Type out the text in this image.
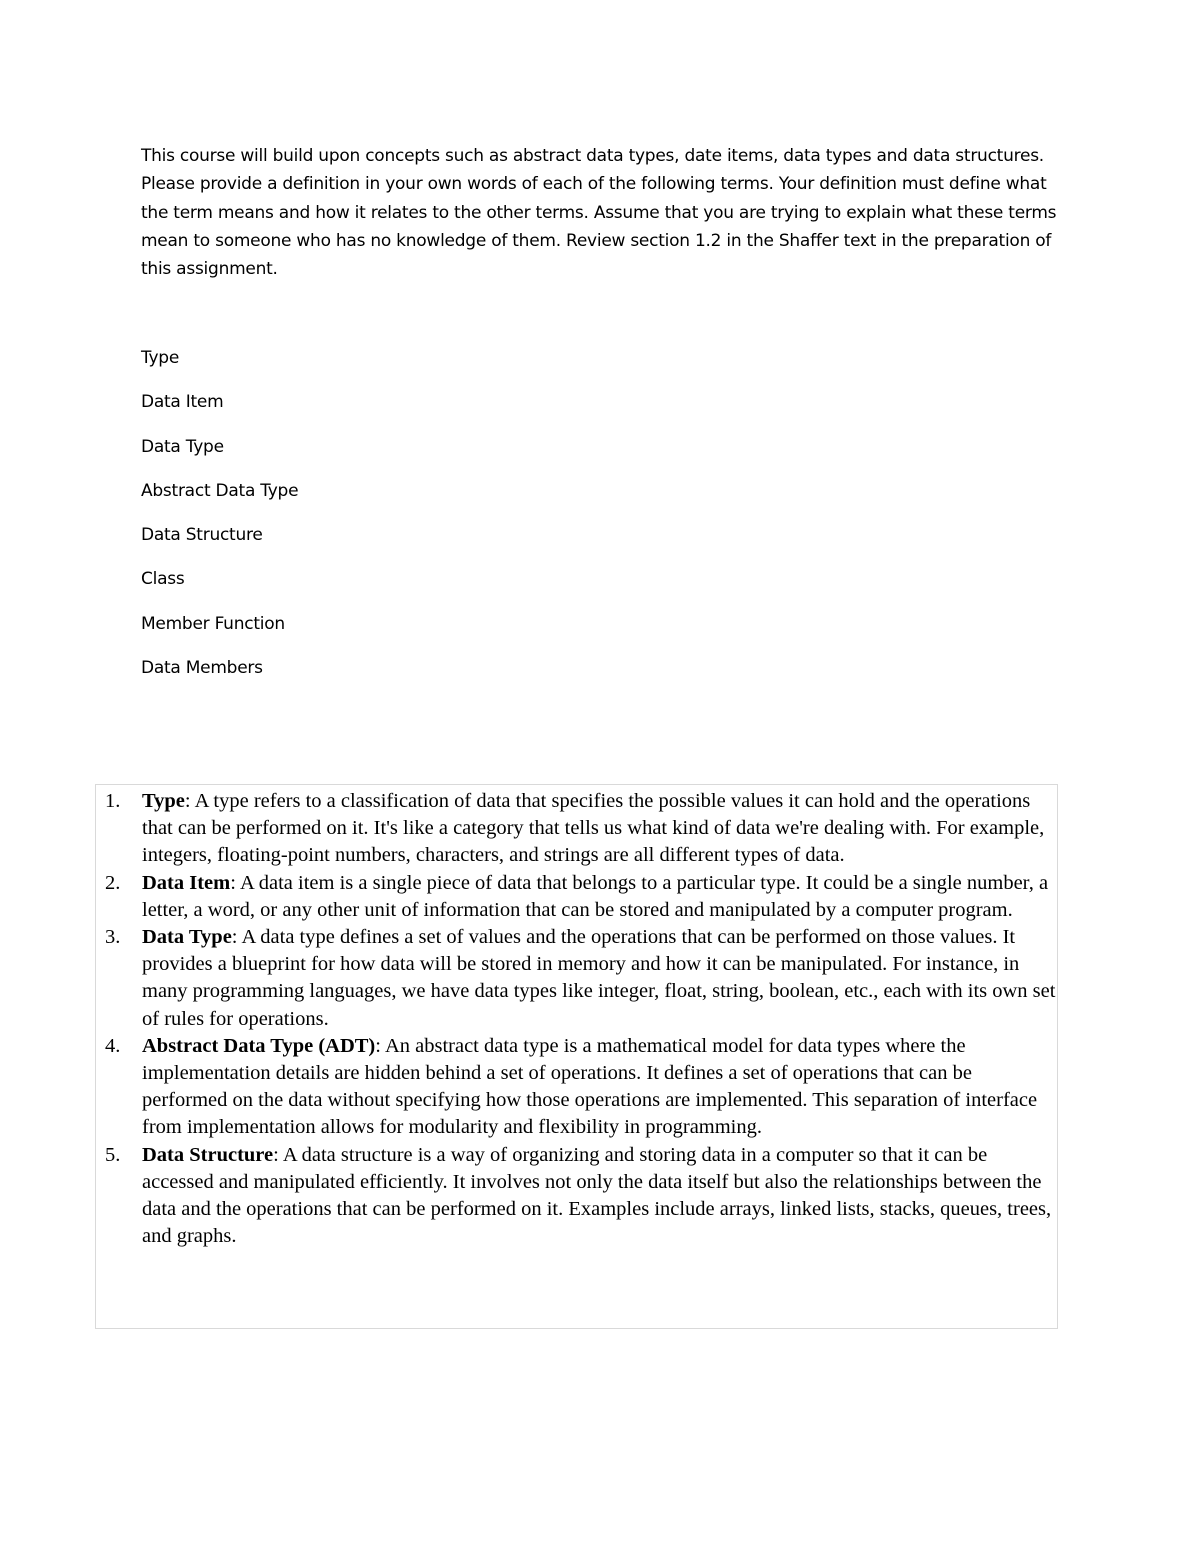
This course will build upon concepts such as abstract data types, date items, data types and data structures. Please provide a definition in your own words of each of the following terms. Your definition must define what the term means and how it relates to the other terms. Assume that you are trying to explain what these terms mean to someone who has no knowledge of them. Review section 1.2 in the Shaffer text in the preparation of this assignment.

Type
Data Item
Data Type
Abstract Data Type
Data Structure
Class
Member Function
Data Members
1. Type: A type refers to a classification of data that specifies the possible values it can hold and the operations that can be performed on it. It's like a category that tells us what kind of data we're dealing with. For example, integers, floating-point numbers, characters, and strings are all different types of data.
2. Data Item: A data item is a single piece of data that belongs to a particular type. It could be a single number, a letter, a word, or any other unit of information that can be stored and manipulated by a computer program.
3. Data Type: A data type defines a set of values and the operations that can be performed on those values. It provides a blueprint for how data will be stored in memory and how it can be manipulated. For instance, in many programming languages, we have data types like integer, float, string, boolean, etc., each with its own set of rules for operations.
4. Abstract Data Type (ADT): An abstract data type is a mathematical model for data types where the implementation details are hidden behind a set of operations. It defines a set of operations that can be performed on the data without specifying how those operations are implemented. This separation of interface from implementation allows for modularity and flexibility in programming.
5. Data Structure: A data structure is a way of organizing and storing data in a computer so that it can be accessed and manipulated efficiently. It involves not only the data itself but also the relationships between the data and the operations that can be performed on it. Examples include arrays, linked lists, stacks, queues, trees, and graphs.
